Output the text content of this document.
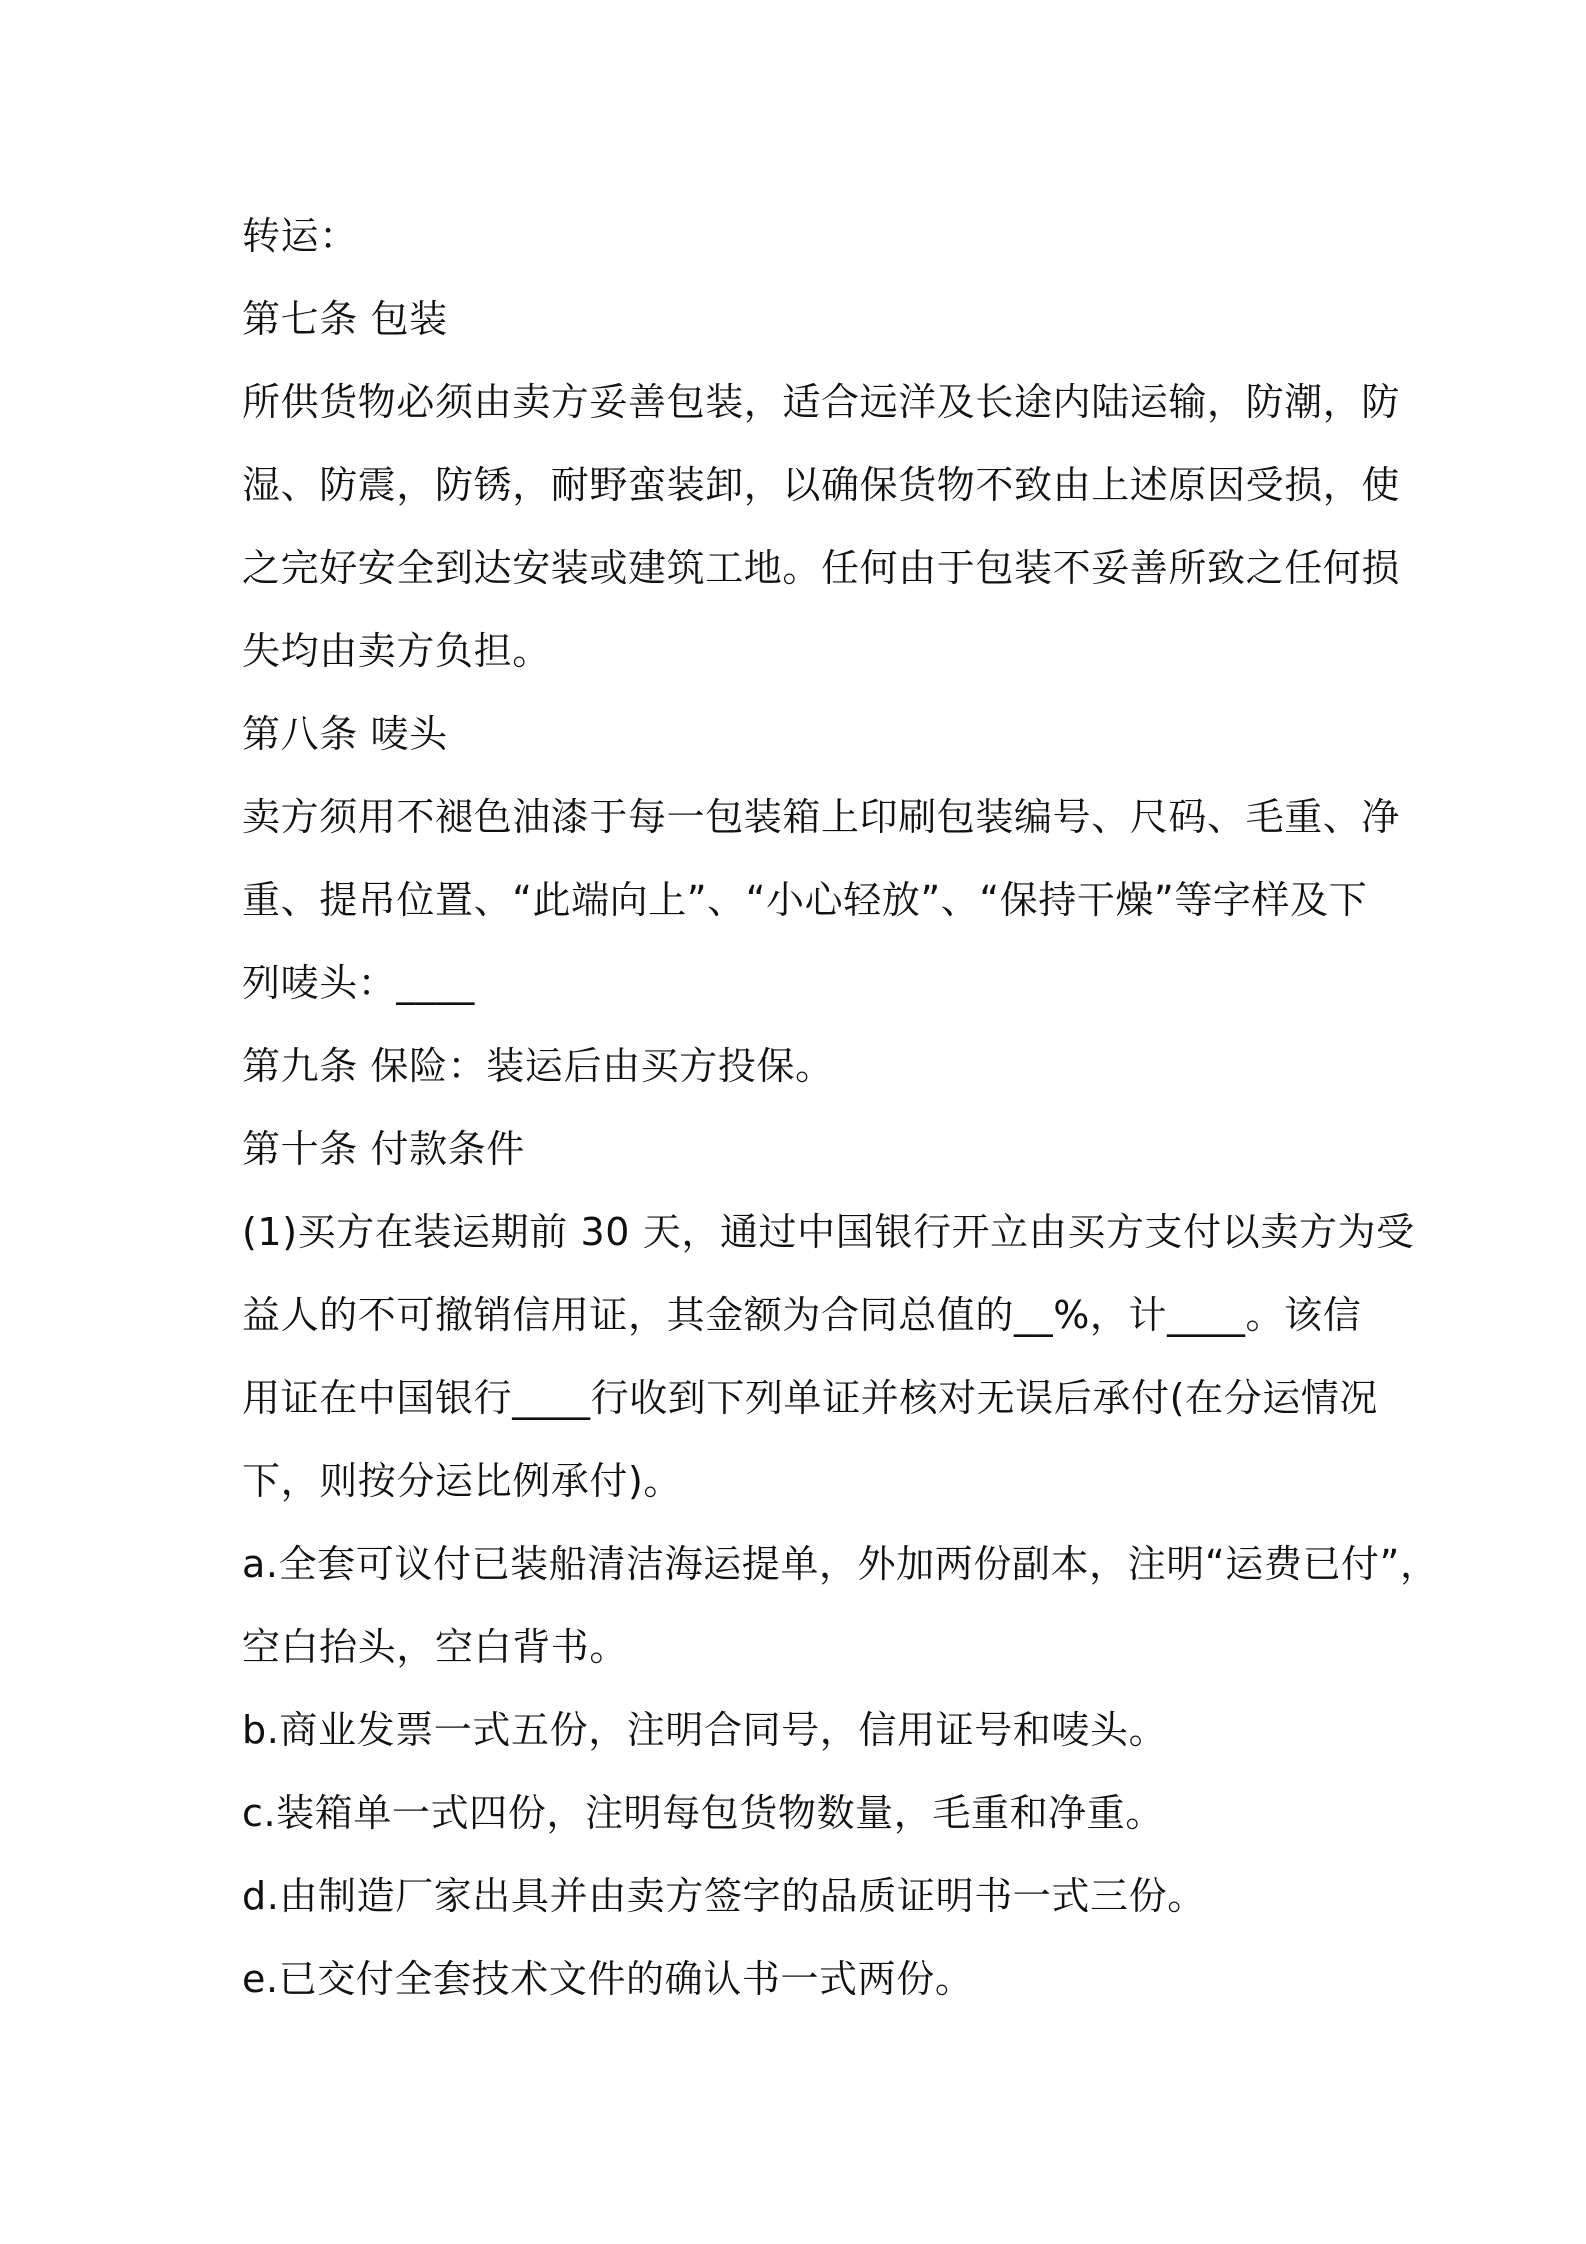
转运：
第七条 包装
所供货物必须由卖方妥善包装，适合远洋及长途内陆运输，防潮，防
湿、防震，防锈，耐野蛮装卸，以确保货物不致由上述原因受损，使
之完好安全到达安装或建筑工地。任何由于包装不妥善所致之任何损
失均由卖方负担。
第八条 唛头
卖方须用不褪色油漆于每一包装箱上印刷包装编号、尺码、毛重、净
重、提吊位置、“此端向上”、“小心轻放”、“保持干燥”等字样及下
列唛头：____
第九条 保险：装运后由买方投保。
第十条 付款条件
(1)买方在装运期前 30 天，通过中国银行开立由买方支付以卖方为受
益人的不可撤销信用证，其金额为合同总值的__%，计____。该信
用证在中国银行____行收到下列单证并核对无误后承付(在分运情况
下，则按分运比例承付)。
a.全套可议付已装船清洁海运提单，外加两份副本，注明“运费已付”，
空白抬头，空白背书。
b.商业发票一式五份，注明合同号，信用证号和唛头。
c.装箱单一式四份，注明每包货物数量，毛重和净重。
d.由制造厂家出具并由卖方签字的品质证明书一式三份。
e.已交付全套技术文件的确认书一式两份。
